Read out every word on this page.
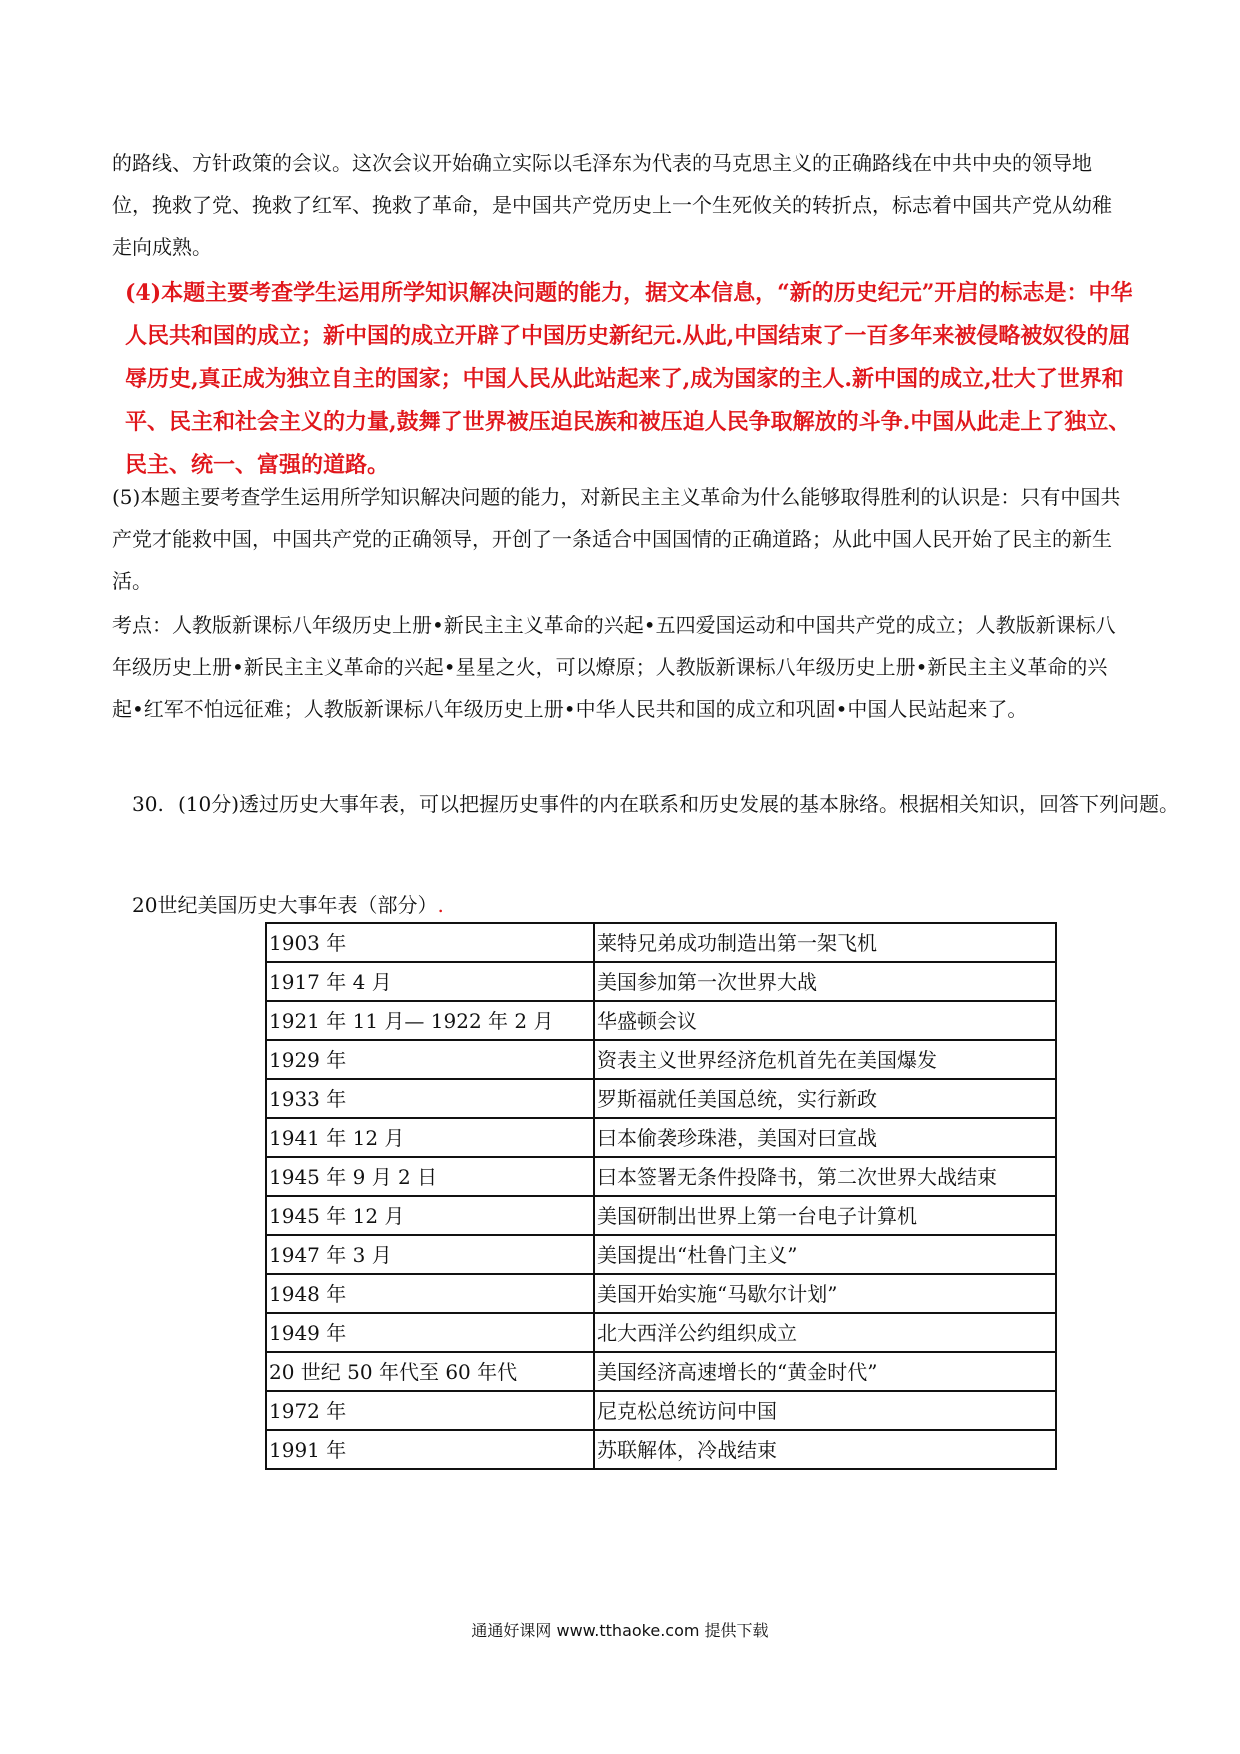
的路线、方针政策的会议。这次会议开始确立实际以毛泽东为代表的马克思主义的正确路线在中共中央的领导地位，挽救了党、挽救了红军、挽救了革命，是中国共产党历史上一个生死攸关的转折点，标志着中国共产党从幼稚走向成熟。

(4)本题主要考查学生运用所学知识解决问题的能力，据文本信息，“新的历史纪元”开启的标志是：中华人民共和国的成立；新中国的成立开辟了中国历史新纪元.从此,中国结束了一百多年来被侵略被奴役的屈辱历史,真正成为独立自主的国家；中国人民从此站起来了,成为国家的主人.新中国的成立,壮大了世界和平、民主和社会主义的力量,鼓舞了世界被压迫民族和被压迫人民争取解放的斗争.中国从此走上了独立、民主、统一、富强的道路。

(5)本题主要考查学生运用所学知识解决问题的能力，对新民主主义革命为什么能够取得胜利的认识是：只有中国共产党才能救中国，中国共产党的正确领导，开创了一条适合中国国情的正确道路；从此中国人民开始了民主的新生活。

考点：人教版新课标八年级历史上册•新民主主义革命的兴起•五四爱国运动和中国共产党的成立；人教版新课标八年级历史上册•新民主主义革命的兴起•星星之火，可以燎原；人教版新课标八年级历史上册•新民主主义革命的兴起•红军不怕远征难；人教版新课标八年级历史上册•中华人民共和国的成立和巩固•中国人民站起来了。

30. (10分)透过历史大事年表，可以把握历史事件的内在联系和历史发展的基本脉络。根据相关知识，回答下列问题。

20世纪美国历史大事年表（部分）.

1903 年	莱特兄弟成功制造出第一架飞机
1917 年 4 月	美国参加第一次世界大战
1921 年 11 月— 1922 年 2 月	华盛顿会议
1929 年	资表主义世界经济危机首先在美国爆发
1933 年	罗斯福就任美国总统，实行新政
1941 年 12 月	曰本偷袭珍珠港，美国对曰宣战
1945 年 9 月 2 日	曰本签署无条件投降书，第二次世界大战结束
1945 年 12 月	美国研制出世界上第一台电子计算机
1947 年 3 月	美国提出“杜鲁门主义”
1948 年	美国开始实施“马歇尔计划”
1949 年	北大西洋公约组织成立
20 世纪 50 年代至 60 年代	美国经济高速增长的“黄金时代”
1972 年	尼克松总统访问中国
1991 年	苏联解体，冷战结束
通通好课网 www.tthaoke.com 提供下载
